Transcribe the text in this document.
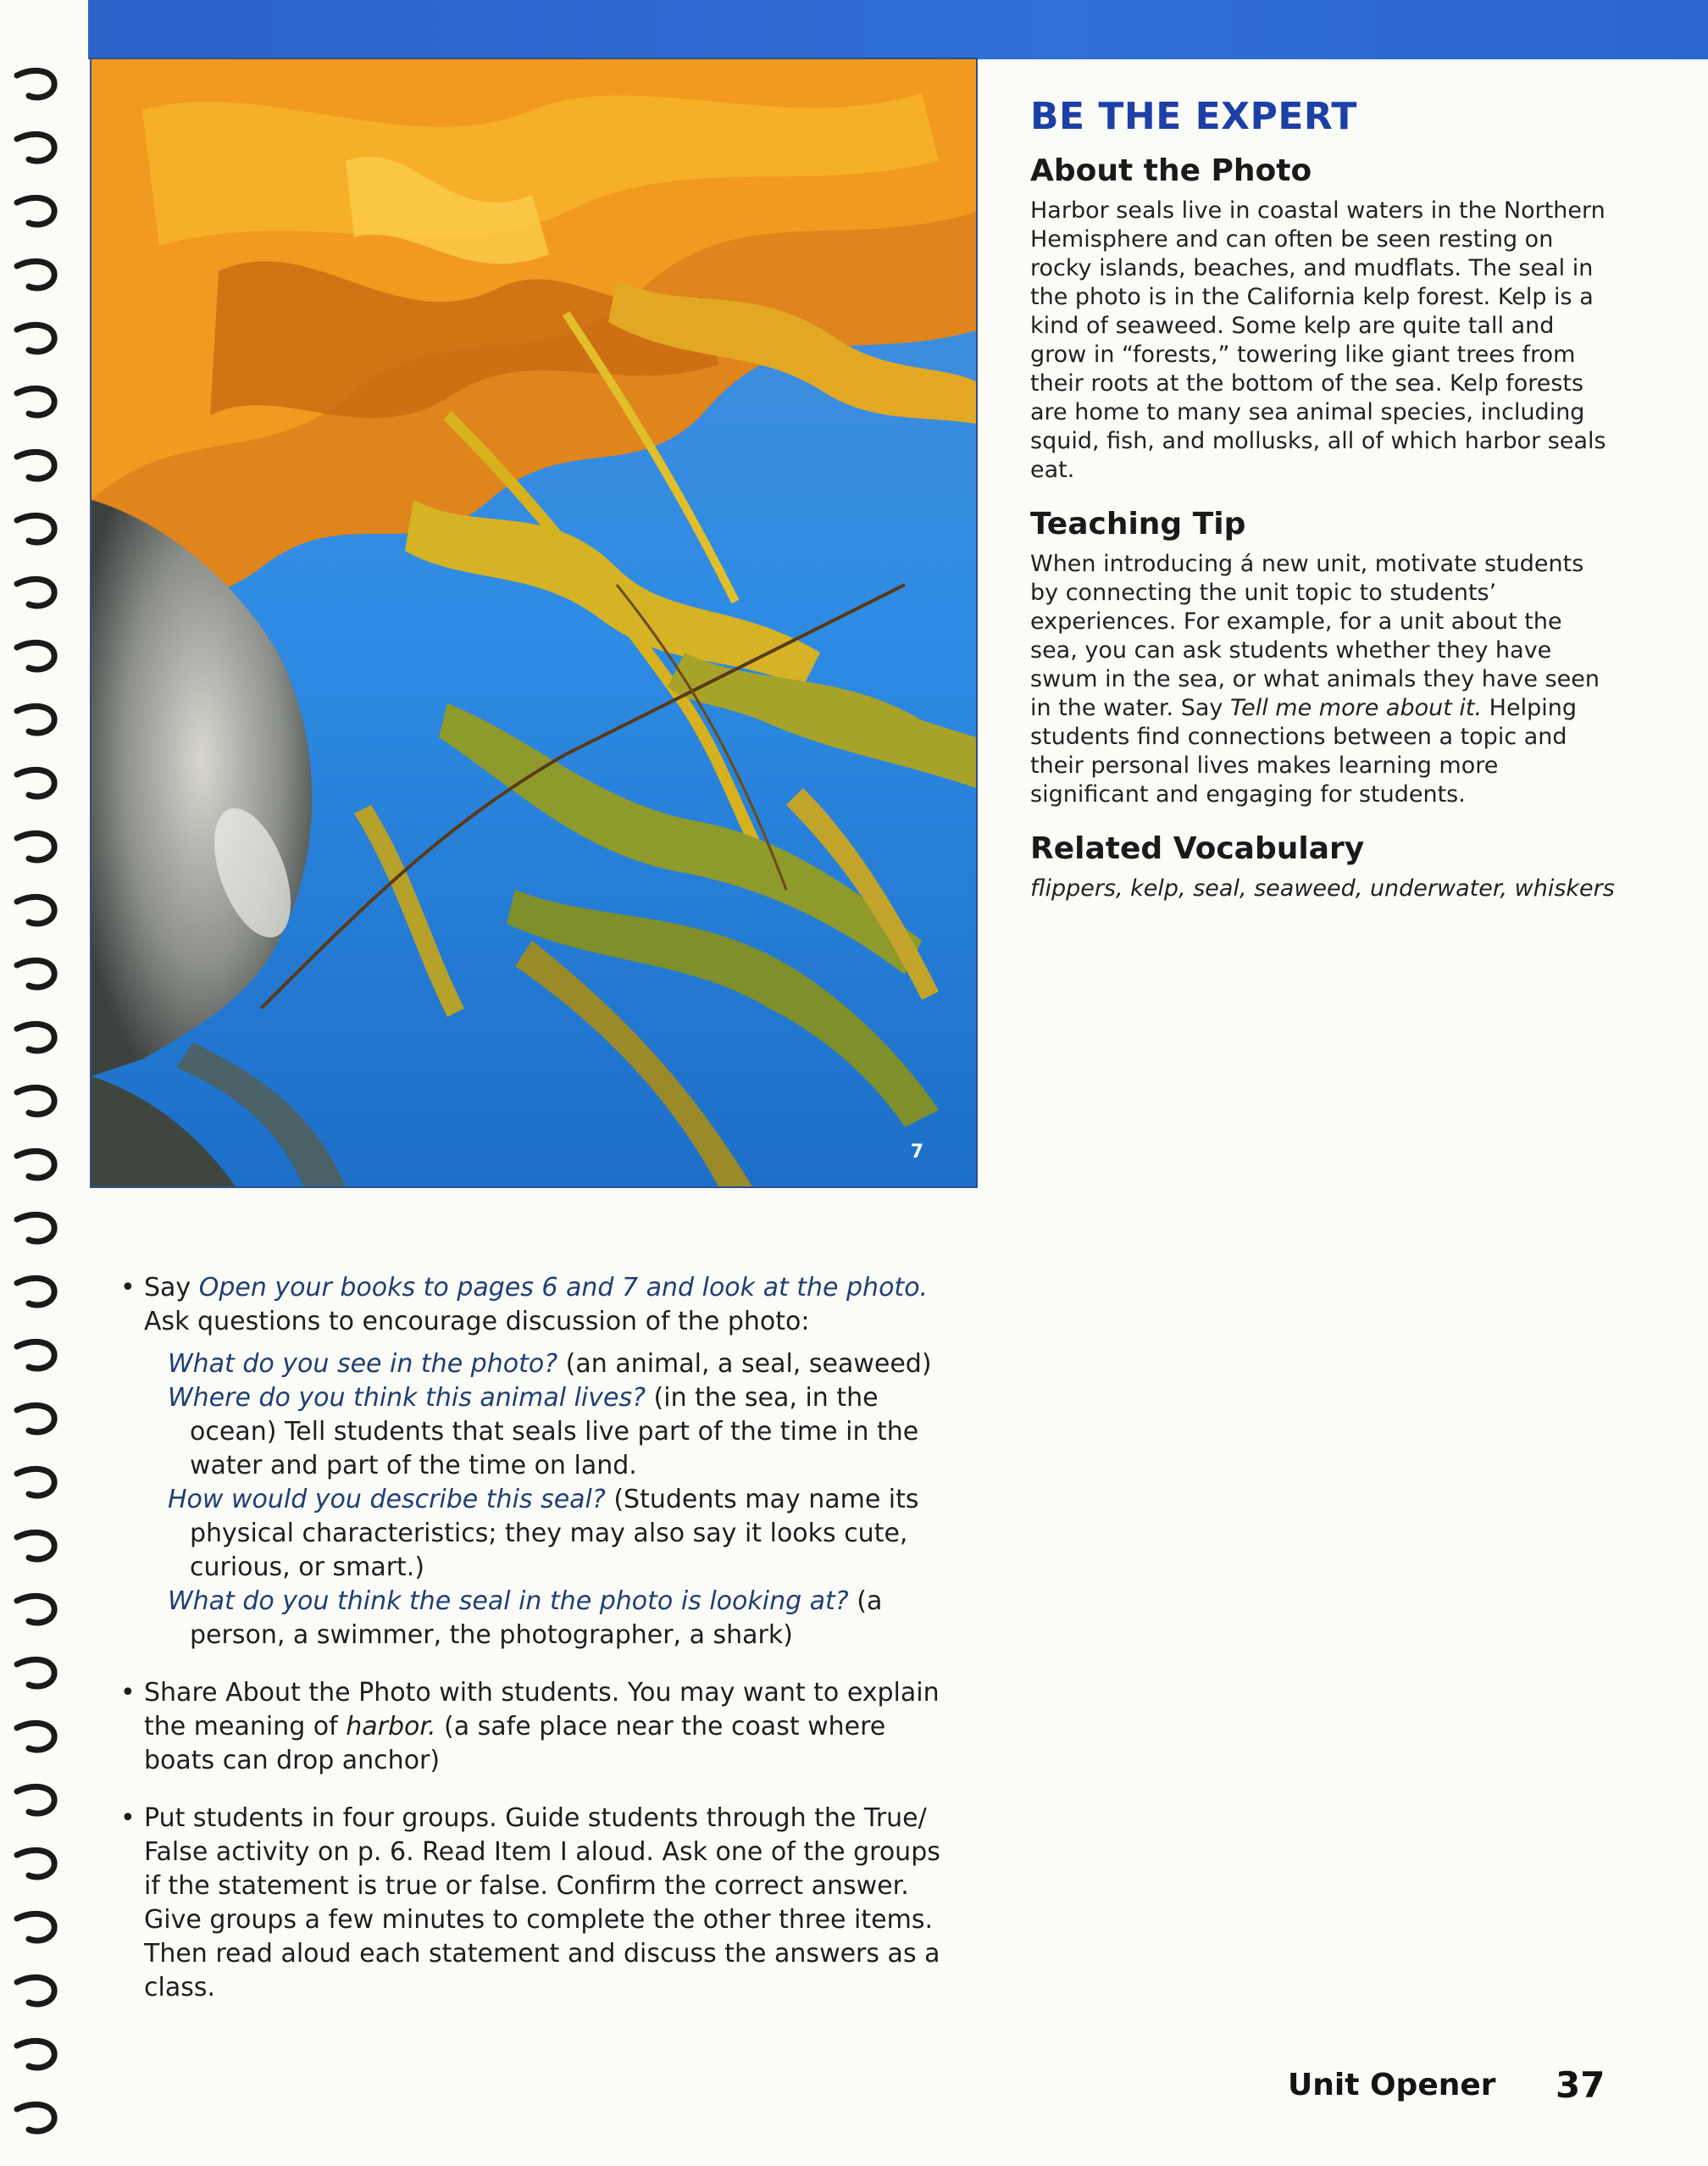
7
BE THE EXPERT
About the Photo

Harbor seals live in coastal waters in the Northern Hemisphere and can often be seen resting on rocky islands, beaches, and mudflats. The seal in the photo is in the California kelp forest. Kelp is a kind of seaweed. Some kelp are quite tall and grow in “forests,” towering like giant trees from their roots at the bottom of the sea. Kelp forests are home to many sea animal species, including squid, fish, and mollusks, all of which harbor seals eat.

Teaching Tip

When introducing á new unit, motivate students by connecting the unit topic to students’ experiences. For example, for a unit about the sea, you can ask students whether they have swum in the sea, or what animals they have seen in the water. Say Tell me more about it. Helping students find connections between a topic and their personal lives makes learning more significant and engaging for students.

Related Vocabulary

flippers, kelp, seal, seaweed, underwater, whiskers

• Say Open your books to pages 6 and 7 and look at the photo. Ask questions to encourage discussion of the photo:
What do you see in the photo? (an animal, a seal, seaweed)
Where do you think this animal lives? (in the sea, in the ocean) Tell students that seals live part of the time in the water and part of the time on land.
How would you describe this seal? (Students may name its physical characteristics; they may also say it looks cute, curious, or smart.)
What do you think the seal in the photo is looking at? (a person, a swimmer, the photographer, a shark)
• Share About the Photo with students. You may want to explain the meaning of harbor. (a safe place near the coast where boats can drop anchor)
• Put students in four groups. Guide students through the True/ False activity on p. 6. Read Item I aloud. Ask one of the groups if the statement is true or false. Confirm the correct answer. Give groups a few minutes to complete the other three items. Then read aloud each statement and discuss the answers as a class.
Unit Opener 37
